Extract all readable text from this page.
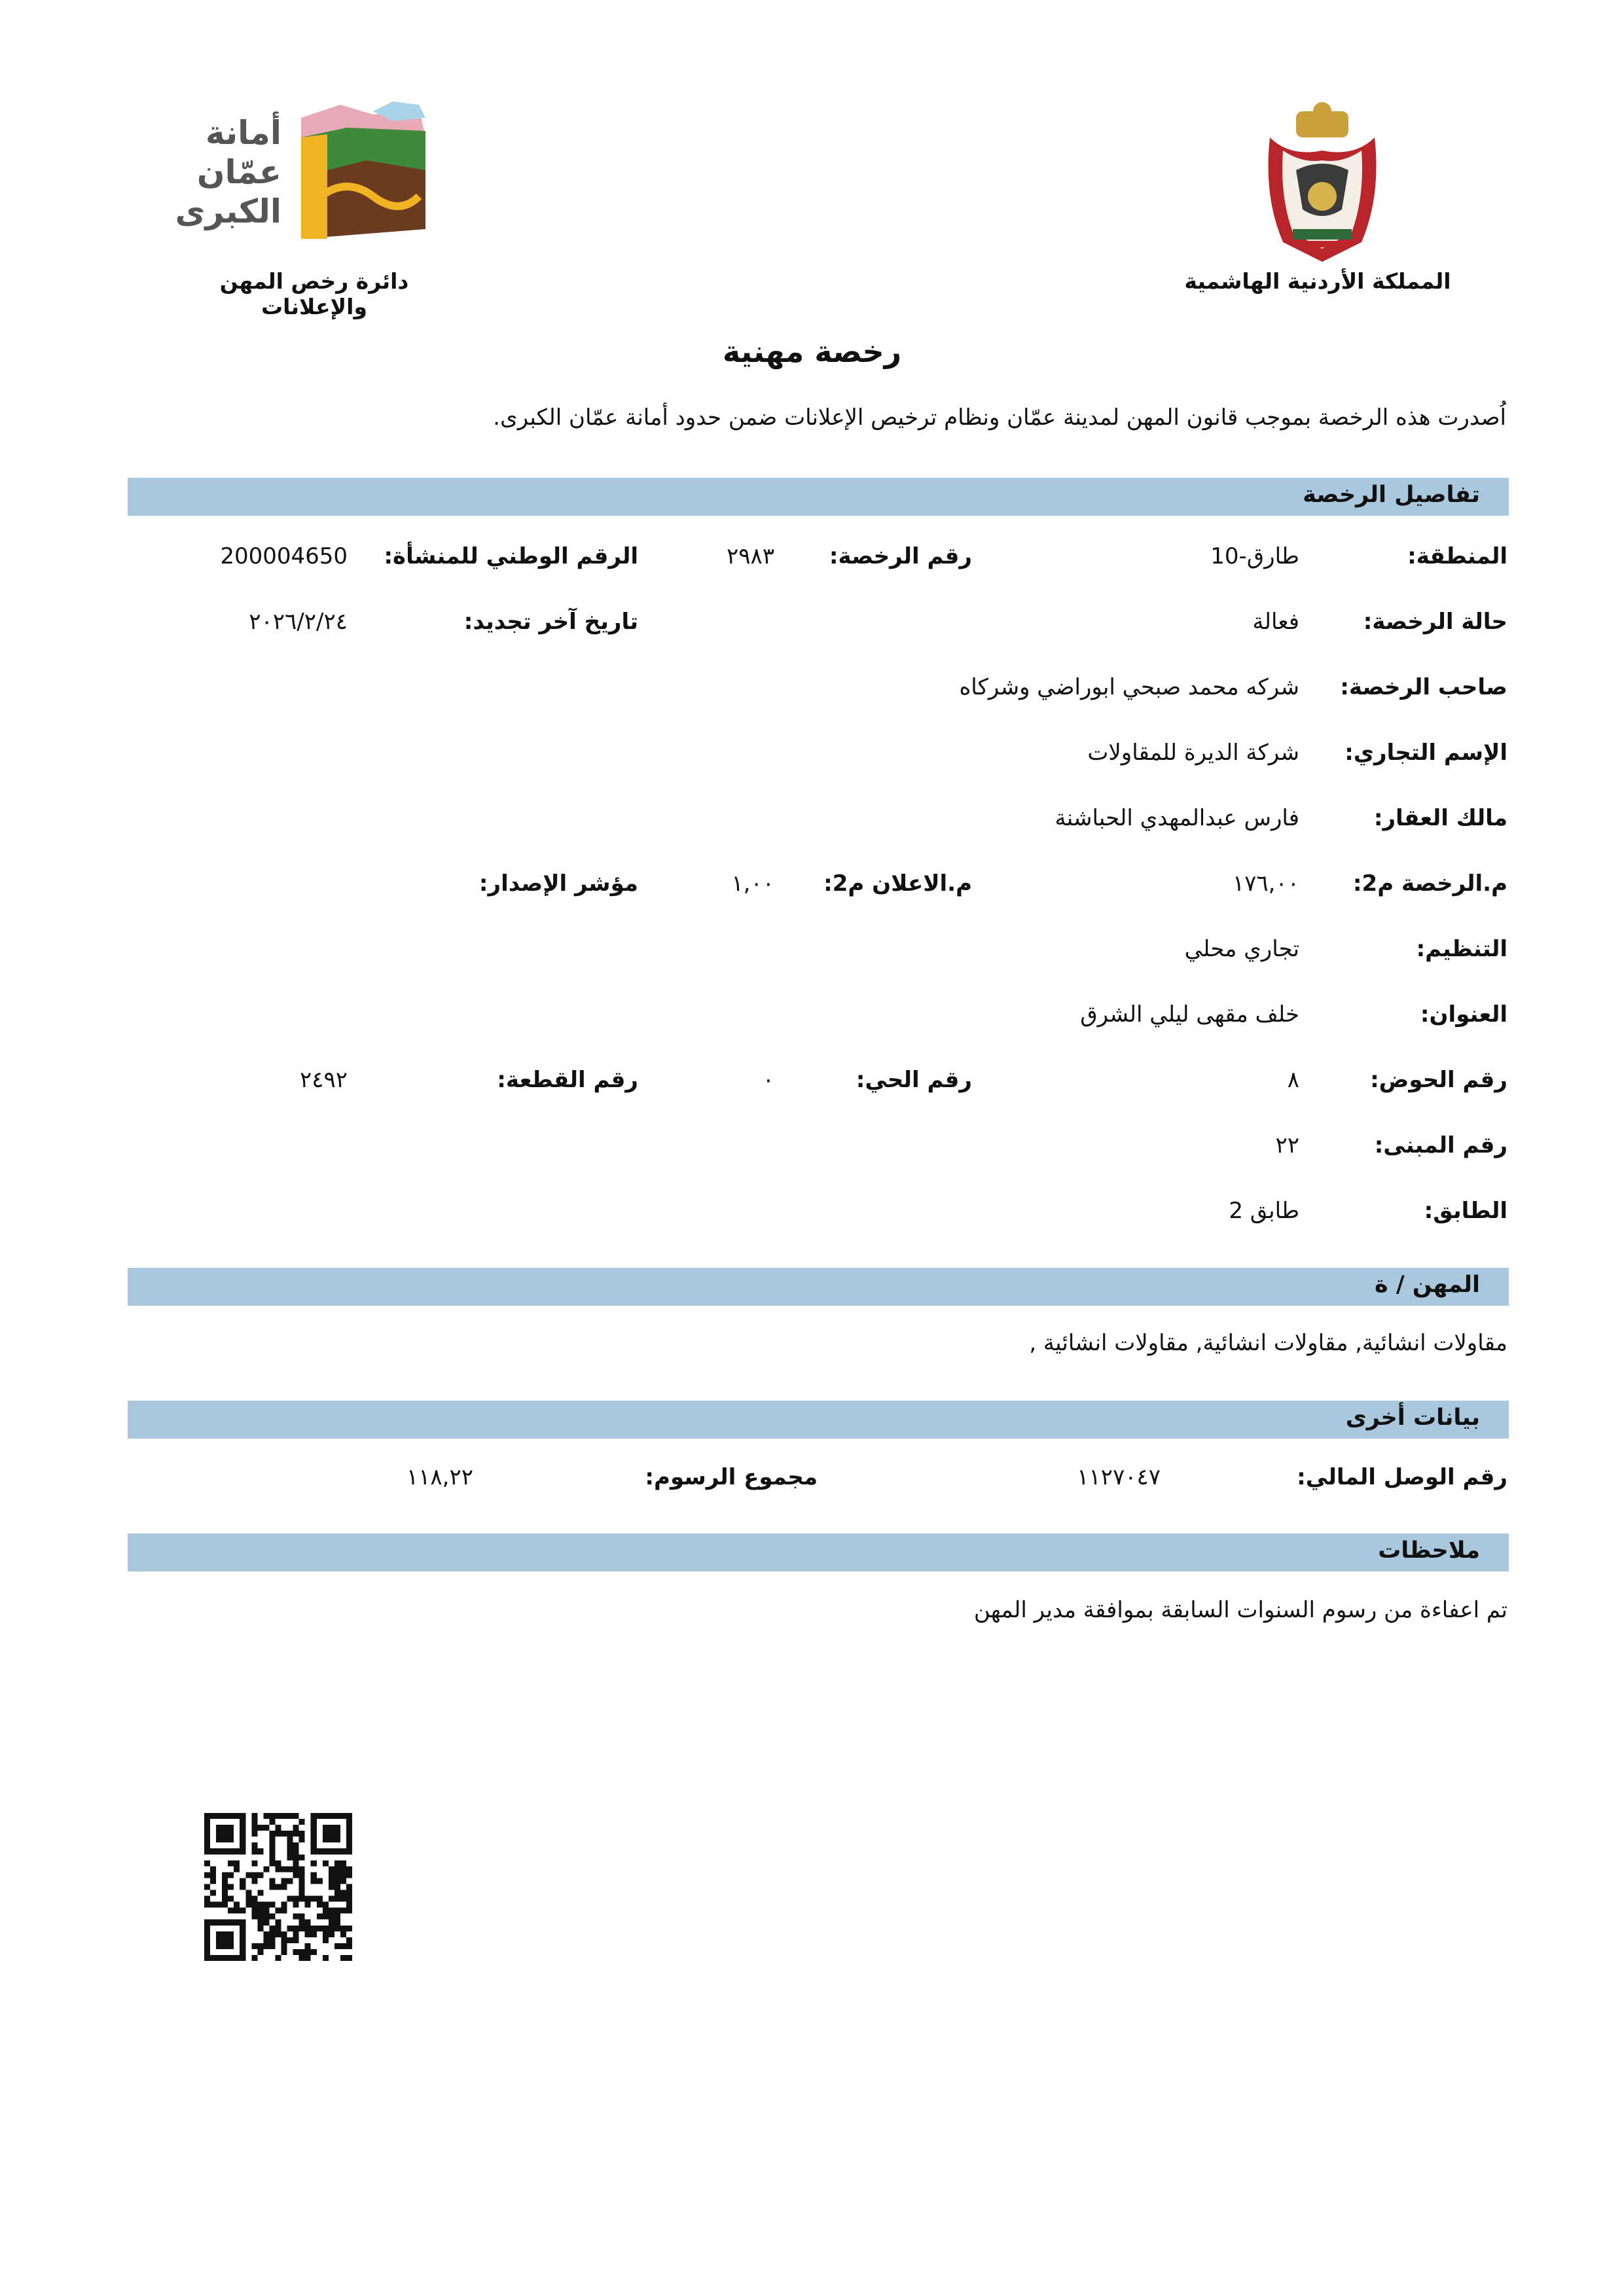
المملكة الأردنية الهاشمية
أمانة
عمّان
الكبرى
دائرة رخص المهن والإعلانات
رخصة مهنية
اُصدرت هذه الرخصة بموجب قانون المهن لمدينة عمّان ونظام ترخيص الإعلانات ضمن حدود أمانة عمّان الكبرى.
تفاصيل الرخصة
المنطقة:
طارق-10
رقم الرخصة:
٢٩٨٣
الرقم الوطني للمنشأة:
200004650
حالة الرخصة:
فعالة
تاريخ آخر تجديد:
٢٠٢٦/٢/٢٤
صاحب الرخصة:
شركه محمد صبحي ابوراضي وشركاه
الإسم التجاري:
شركة الديرة للمقاولات
مالك العقار:
فارس عبدالمهدي الحباشنة
م.الرخصة م2:
١٧٦,٠٠
م.الاعلان م2:
١,٠٠
مؤشر الإصدار:
التنظيم:
تجاري محلي
العنوان:
خلف مقهى ليلي الشرق
رقم الحوض:
٨
رقم الحي:
٠
رقم القطعة:
٢٤٩٢
رقم المبنى:
٢٢
الطابق:
طابق 2
المهن / ة
مقاولات انشائية, مقاولات انشائية, مقاولات انشائية ,
بيانات أخرى
رقم الوصل المالي:
١١٢٧٠٤٧
مجموع الرسوم:
١١٨,٢٢
ملاحظات
تم اعفاءة من رسوم السنوات السابقة بموافقة مدير المهن
